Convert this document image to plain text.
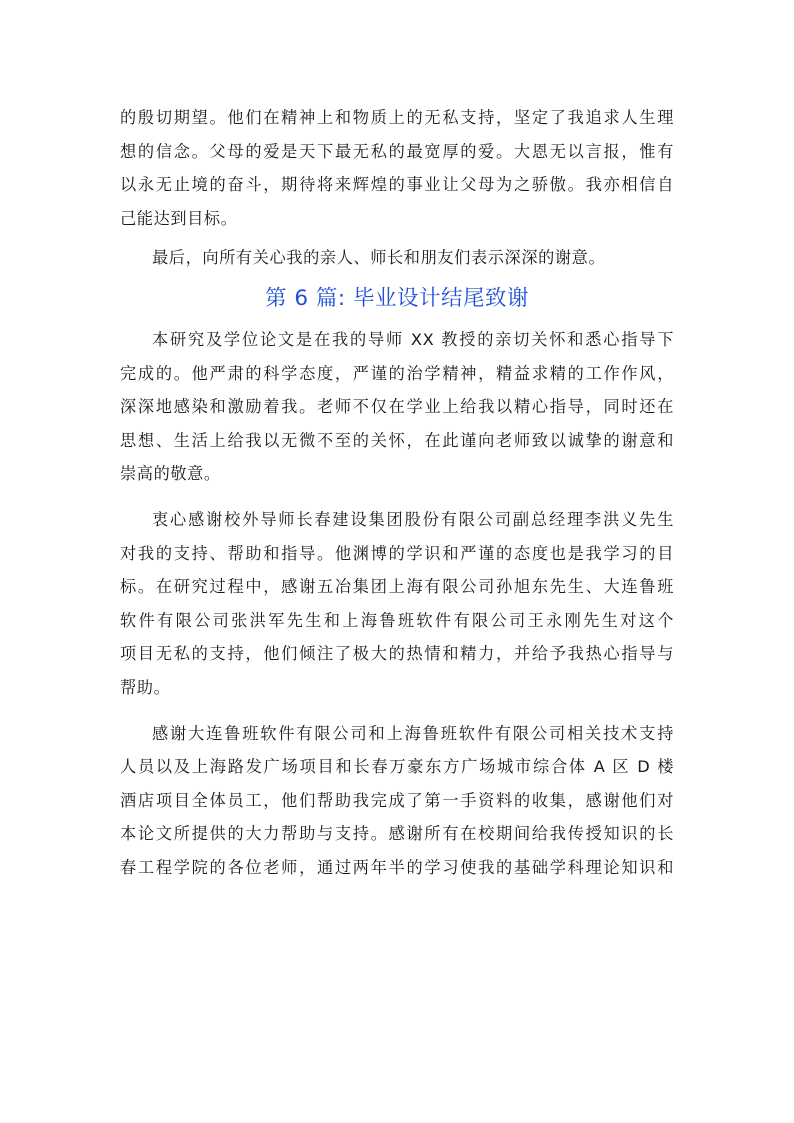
的殷切期望。他们在精神上和物质上的无私支持，坚定了我追求人生理
想的信念。父母的爱是天下最无私的最宽厚的爱。大恩无以言报，惟有
以永无止境的奋斗，期待将来辉煌的事业让父母为之骄傲。我亦相信自
己能达到目标。
最后，向所有关心我的亲人、师长和朋友们表示深深的谢意。
第 6 篇: 毕业设计结尾致谢
本研究及学位论文是在我的导师 XX 教授的亲切关怀和悉心指导下
完成的。他严肃的科学态度，严谨的治学精神，精益求精的工作作风，
深深地感染和激励着我。老师不仅在学业上给我以精心指导，同时还在
思想、生活上给我以无微不至的关怀，在此谨向老师致以诚挚的谢意和
崇高的敬意。
衷心感谢校外导师长春建设集团股份有限公司副总经理李洪义先生
对我的支持、帮助和指导。他渊博的学识和严谨的态度也是我学习的目
标。在研究过程中，感谢五冶集团上海有限公司孙旭东先生、大连鲁班
软件有限公司张洪军先生和上海鲁班软件有限公司王永刚先生对这个
项目无私的支持，他们倾注了极大的热情和精力，并给予我热心指导与
帮助。
感谢大连鲁班软件有限公司和上海鲁班软件有限公司相关技术支持
人员以及上海路发广场项目和长春万豪东方广场城市综合体 A 区 D 楼
酒店项目全体员工，他们帮助我完成了第一手资料的收集，感谢他们对
本论文所提供的大力帮助与支持。感谢所有在校期间给我传授知识的长
春工程学院的各位老师，通过两年半的学习使我的基础学科理论知识和
